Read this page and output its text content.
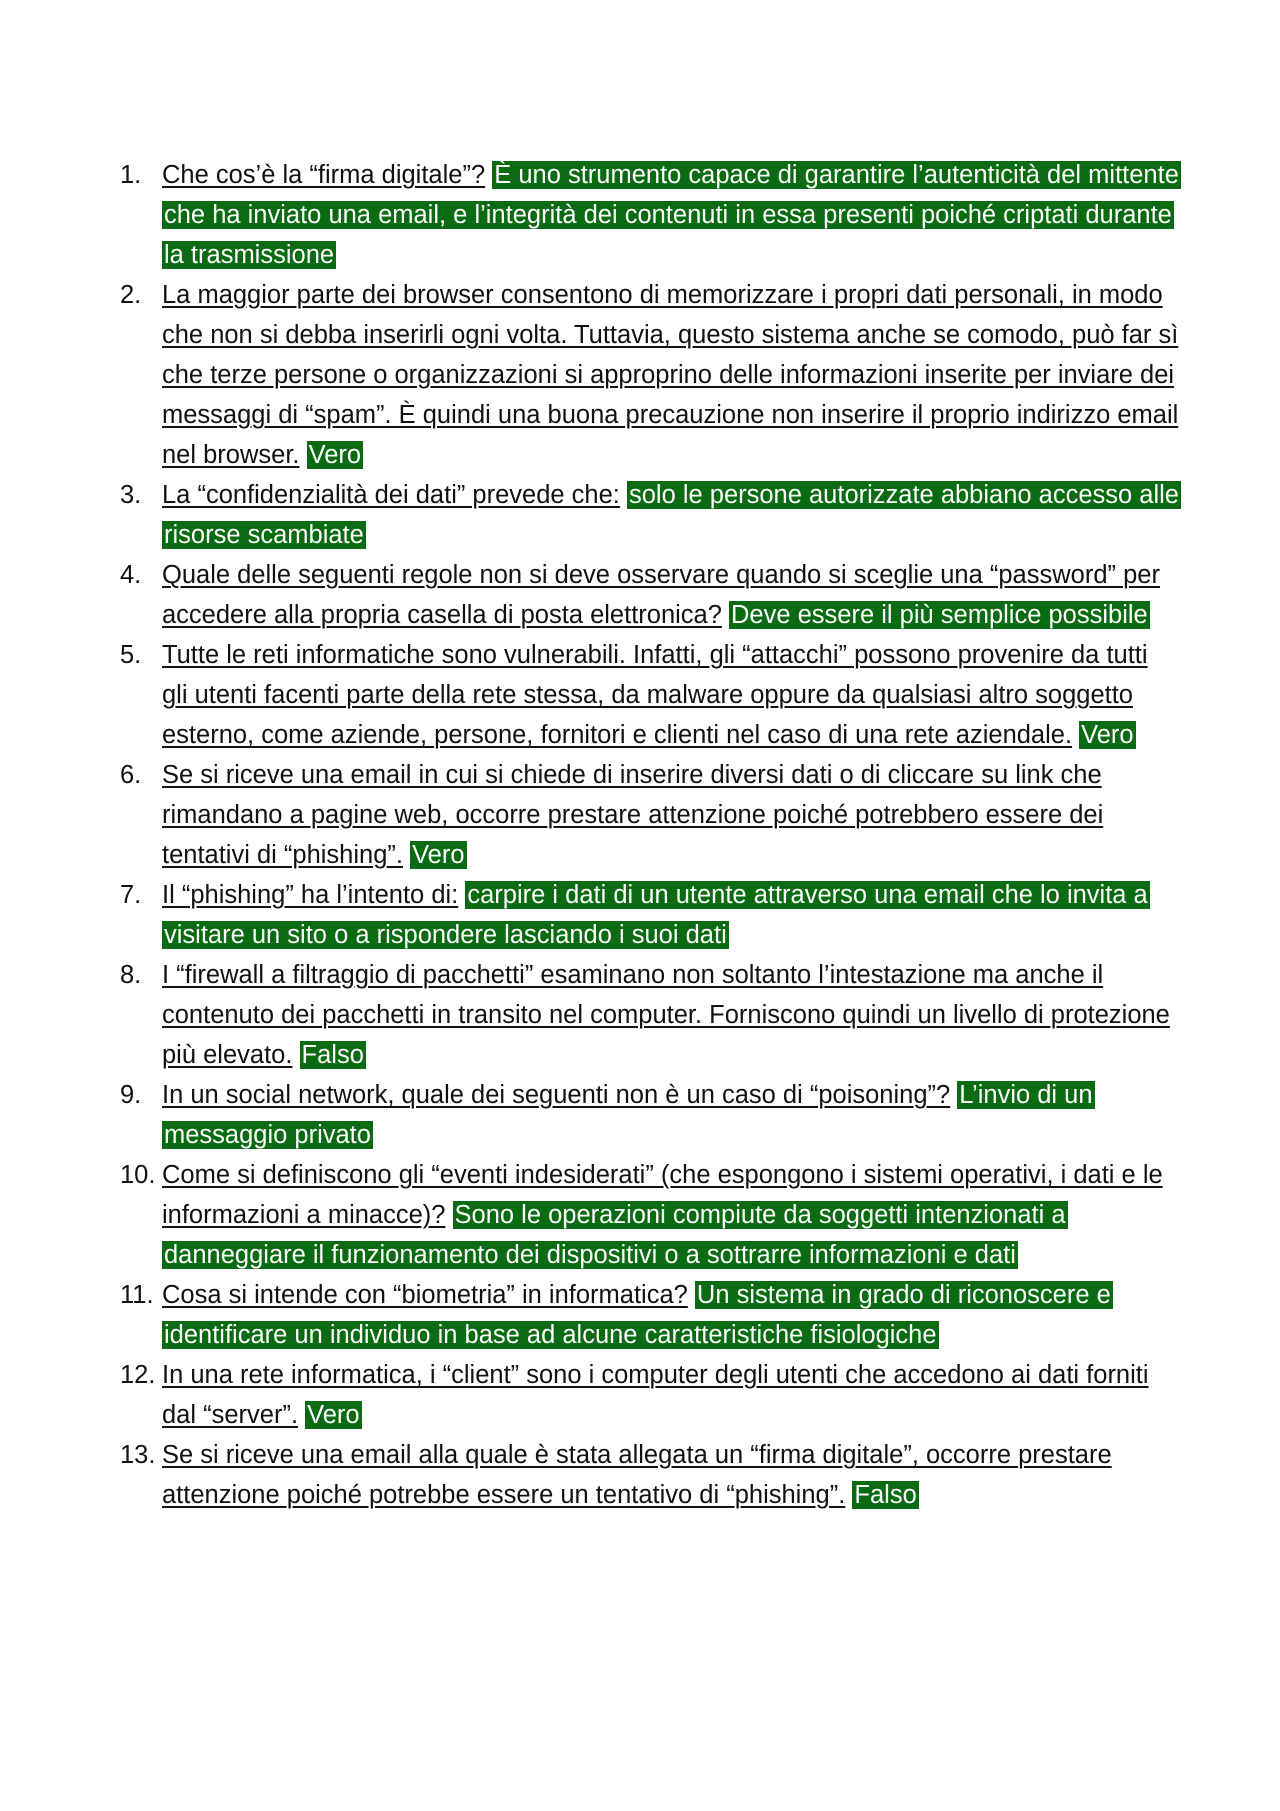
1. Che cos’è la “firma digitale”? È uno strumento capace di garantire l’autenticità del mittente che ha inviato una email, e l’integrità dei contenuti in essa presenti poiché criptati durante la trasmissione
2. La maggior parte dei browser consentono di memorizzare i propri dati personali, in modo che non si debba inserirli ogni volta. Tuttavia, questo sistema anche se comodo, può far sì che terze persone o organizzazioni si approprino delle informazioni inserite per inviare dei messaggi di “spam”. È quindi una buona precauzione non inserire il proprio indirizzo email nel browser. Vero
3. La “confidenzialità dei dati” prevede che: solo le persone autorizzate abbiano accesso alle risorse scambiate
4. Quale delle seguenti regole non si deve osservare quando si sceglie una “password” per accedere alla propria casella di posta elettronica? Deve essere il più semplice possibile
5. Tutte le reti informatiche sono vulnerabili. Infatti, gli “attacchi” possono provenire da tutti gli utenti facenti parte della rete stessa, da malware oppure da qualsiasi altro soggetto esterno, come aziende, persone, fornitori e clienti nel caso di una rete aziendale. Vero
6. Se si riceve una email in cui si chiede di inserire diversi dati o di cliccare su link che rimandano a pagine web, occorre prestare attenzione poiché potrebbero essere dei tentativi di “phishing”. Vero
7. Il “phishing” ha l’intento di: carpire i dati di un utente attraverso una email che lo invita a visitare un sito o a rispondere lasciando i suoi dati
8. I “firewall a filtraggio di pacchetti” esaminano non soltanto l’intestazione ma anche il contenuto dei pacchetti in transito nel computer. Forniscono quindi un livello di protezione più elevato. Falso
9. In un social network, quale dei seguenti non è un caso di “poisoning”? L’invio di un messaggio privato
10. Come si definiscono gli “eventi indesiderati” (che espongono i sistemi operativi, i dati e le informazioni a minacce)? Sono le operazioni compiute da soggetti intenzionati a danneggiare il funzionamento dei dispositivi o a sottrarre informazioni e dati
11. Cosa si intende con “biometria” in informatica? Un sistema in grado di riconoscere e identificare un individuo in base ad alcune caratteristiche fisiologiche
12. In una rete informatica, i “client” sono i computer degli utenti che accedono ai dati forniti dal “server”. Vero
13. Se si riceve una email alla quale è stata allegata un “firma digitale”, occorre prestare attenzione poiché potrebbe essere un tentativo di “phishing”. Falso
